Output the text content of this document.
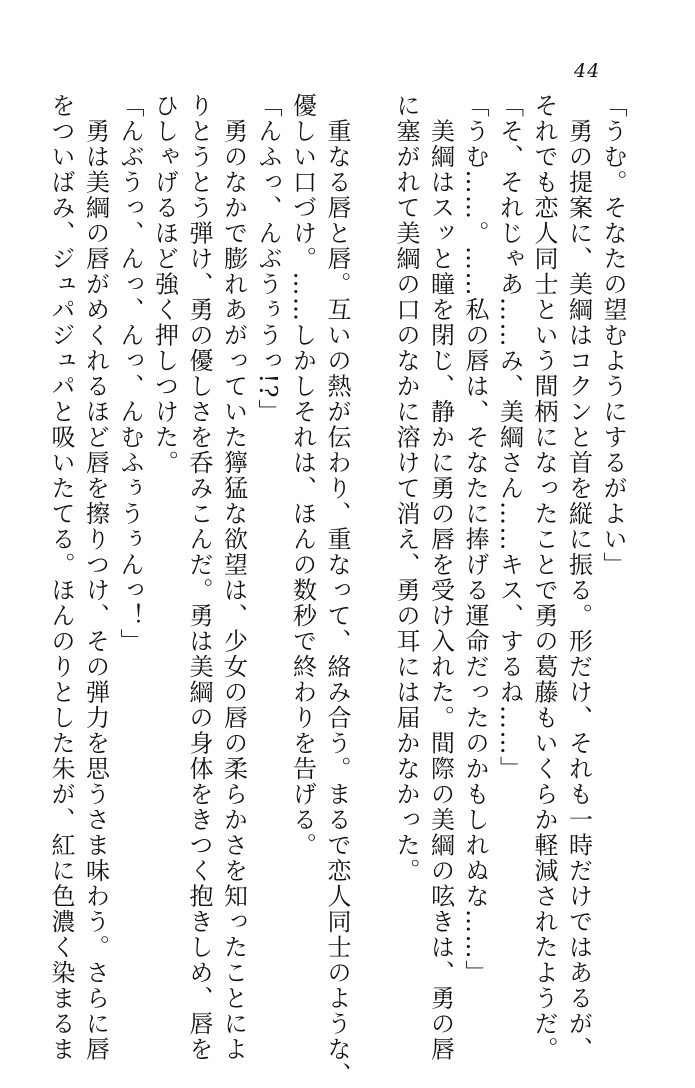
44

「うむ。そなたの望むようにするがよい」

　勇の提案に、美綱はコクンと首を縦に振る。形だけ、それも一時だけではあるが、

それでも恋人同士という間柄になったことで勇の葛藤もいくらか軽減されたようだ。

「そ、それじゃあ……み、美綱さん……キス、するね……」

「うむ……。……私の唇は、そなたに捧げる運命だったのかもしれぬな……」

　美綱はスッと瞳を閉じ、静かに勇の唇を受け入れた。間際の美綱の呟きは、勇の唇

に塞がれて美綱の口のなかに溶けて消え、勇の耳には届かなかった。

　重なる唇と唇。互いの熱が伝わり、重なって、絡み合う。まるで恋人同士のような、

優しい口づけ。……しかしそれは、ほんの数秒で終わりを告げる。

「んふっ、んぶうぅうっ!?」

　勇のなかで膨れあがっていた獰猛な欲望は、少女の唇の柔らかさを知ったことによ

りとうとう弾け、勇の優しさを呑みこんだ。勇は美綱の身体をきつく抱きしめ、唇を

ひしゃげるほど強く押しつけた。

「んぶうっ、んっ、んっ、んむふぅうぅんっ！」

　勇は美綱の唇がめくれるほど唇を擦りつけ、その弾力を思うさま味わう。さらに唇

をついばみ、ジュパジュパと吸いたてる。ほんのりとした朱が、紅に色濃く染まるま
